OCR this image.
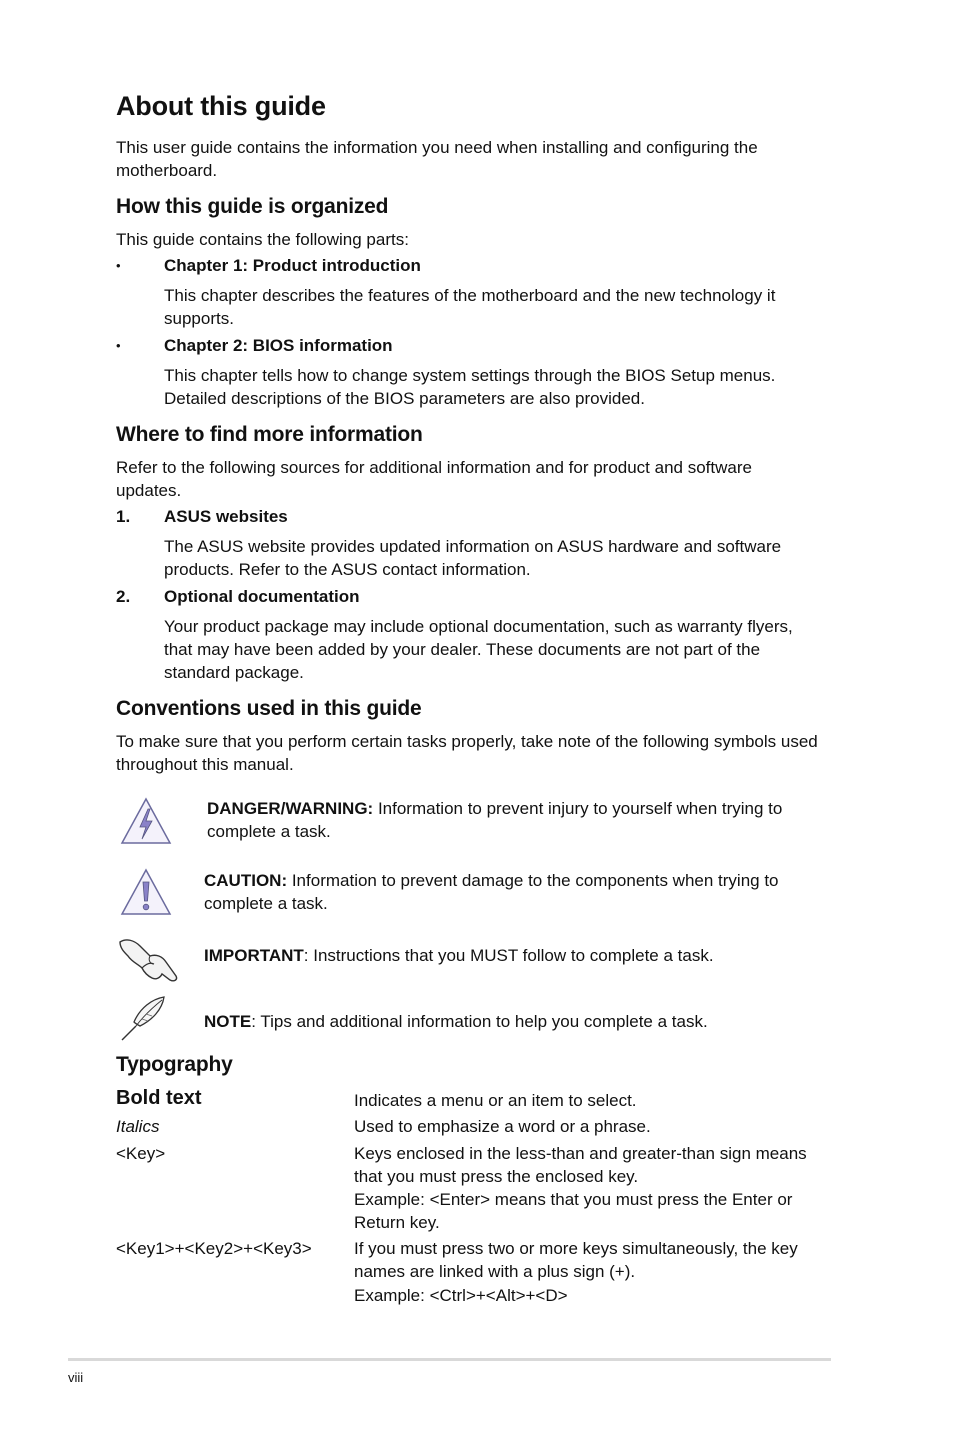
About this guide

This user guide contains the information you need when installing and configuring the motherboard.

How this guide is organized

This guide contains the following parts:

•	Chapter 1: Product introduction

This chapter describes the features of the motherboard and the new technology it supports.

•	Chapter 2: BIOS information

This chapter tells how to change system settings through the BIOS Setup menus. Detailed descriptions of the BIOS parameters are also provided.

Where to find more information

Refer to the following sources for additional information and for product and software updates.

1. ASUS websites

The ASUS website provides updated information on ASUS hardware and software products. Refer to the ASUS contact information.

2. Optional documentation

Your product package may include optional documentation, such as warranty flyers, that may have been added by your dealer. These documents are not part of the standard package.

Conventions used in this guide

To make sure that you perform certain tasks properly, take note of the following symbols used throughout this manual.

DANGER/WARNING: Information to prevent injury to yourself when trying to complete a task.

CAUTION: Information to prevent damage to the components when trying to complete a task.

IMPORTANT: Instructions that you MUST follow to complete a task.

NOTE: Tips and additional information to help you complete a task.

Typography

Bold text	Indicates a menu or an item to select.

Italics	Used to emphasize a word or a phrase.

<Key>	Keys enclosed in the less-than and greater-than sign means that you must press the enclosed key.

Example: <Enter> means that you must press the Enter or Return key.

<Key1>+<Key2>+<Key3> If you must press two or more keys simultaneously, the key names are linked with a plus sign (+).

Example: <Ctrl>+<Alt>+<D>

viii
